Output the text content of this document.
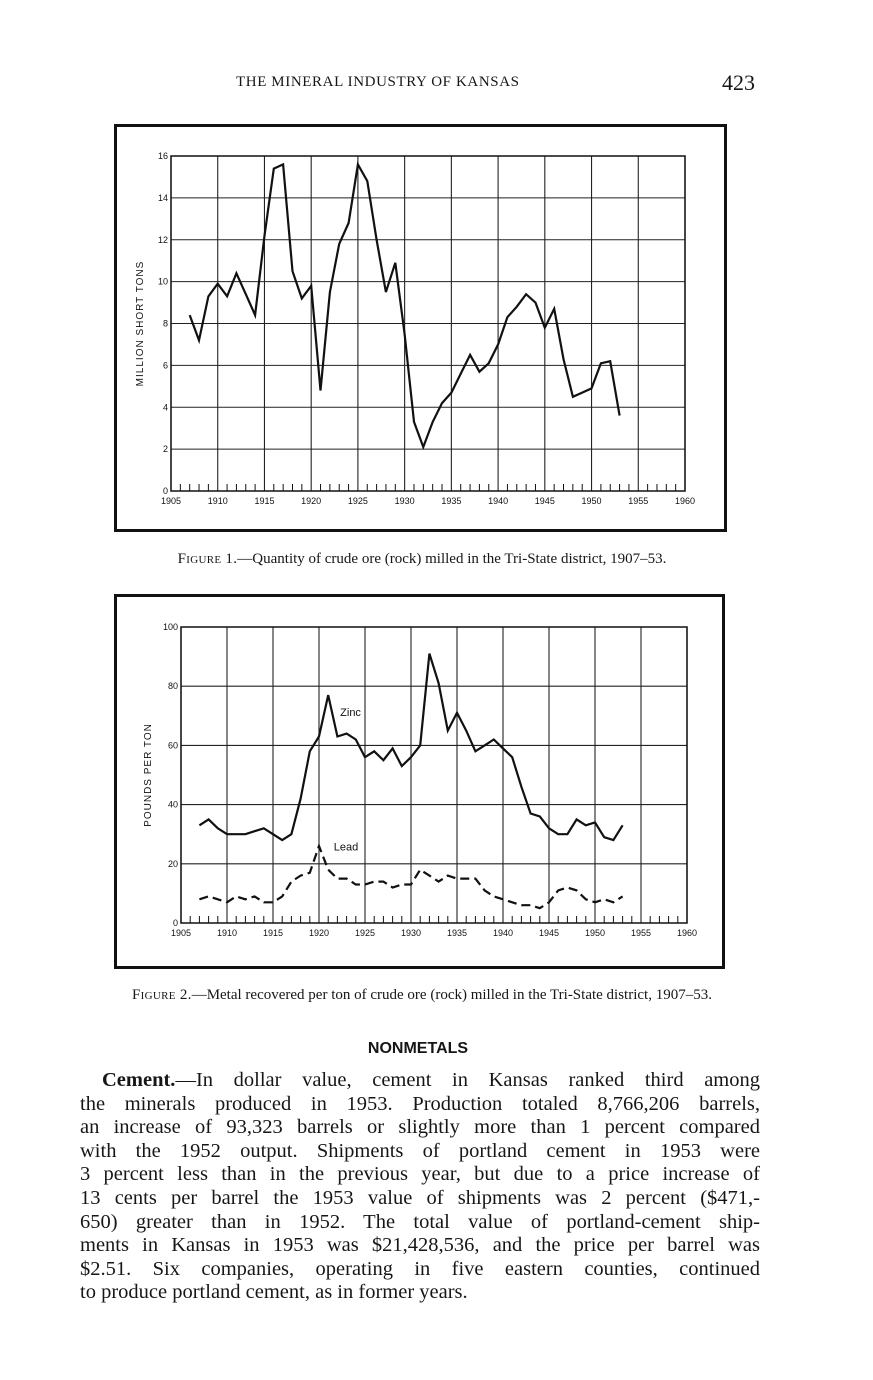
THE MINERAL INDUSTRY OF KANSAS	423
1905	1910	1915	1920	1925	1930	1935	1940	1945	1950	1955	1960
0
2
4
6
8
10
12
14
16
MILLION SHORT TONS
Figure 1.—Quantity of crude ore (rock) milled in the Tri-State district, 1907–53.
1905	1910	1915	1920	1925	1930	1935	1940	1945	1950	1955	1960
0
20
40
60
80
100
POUNDS PER TON
Zinc
Lead
Figure 2.—Metal recovered per ton of crude ore (rock) milled in the Tri-State district, 1907–53.
NONMETALS
Cement.—In dollar value, cement in Kansas ranked third among
the minerals produced in 1953. Production totaled 8,766,206 barrels,
an increase of 93,323 barrels or slightly more than 1 percent compared
with the 1952 output. Shipments of portland cement in 1953 were
3 percent less than in the previous year, but due to a price increase of
13 cents per barrel the 1953 value of shipments was 2 percent ($471,-
650) greater than in 1952. The total value of portland-cement ship-
ments in Kansas in 1953 was $21,428,536, and the price per barrel was
$2.51. Six companies, operating in five eastern counties, continued
to produce portland cement, as in former years.
